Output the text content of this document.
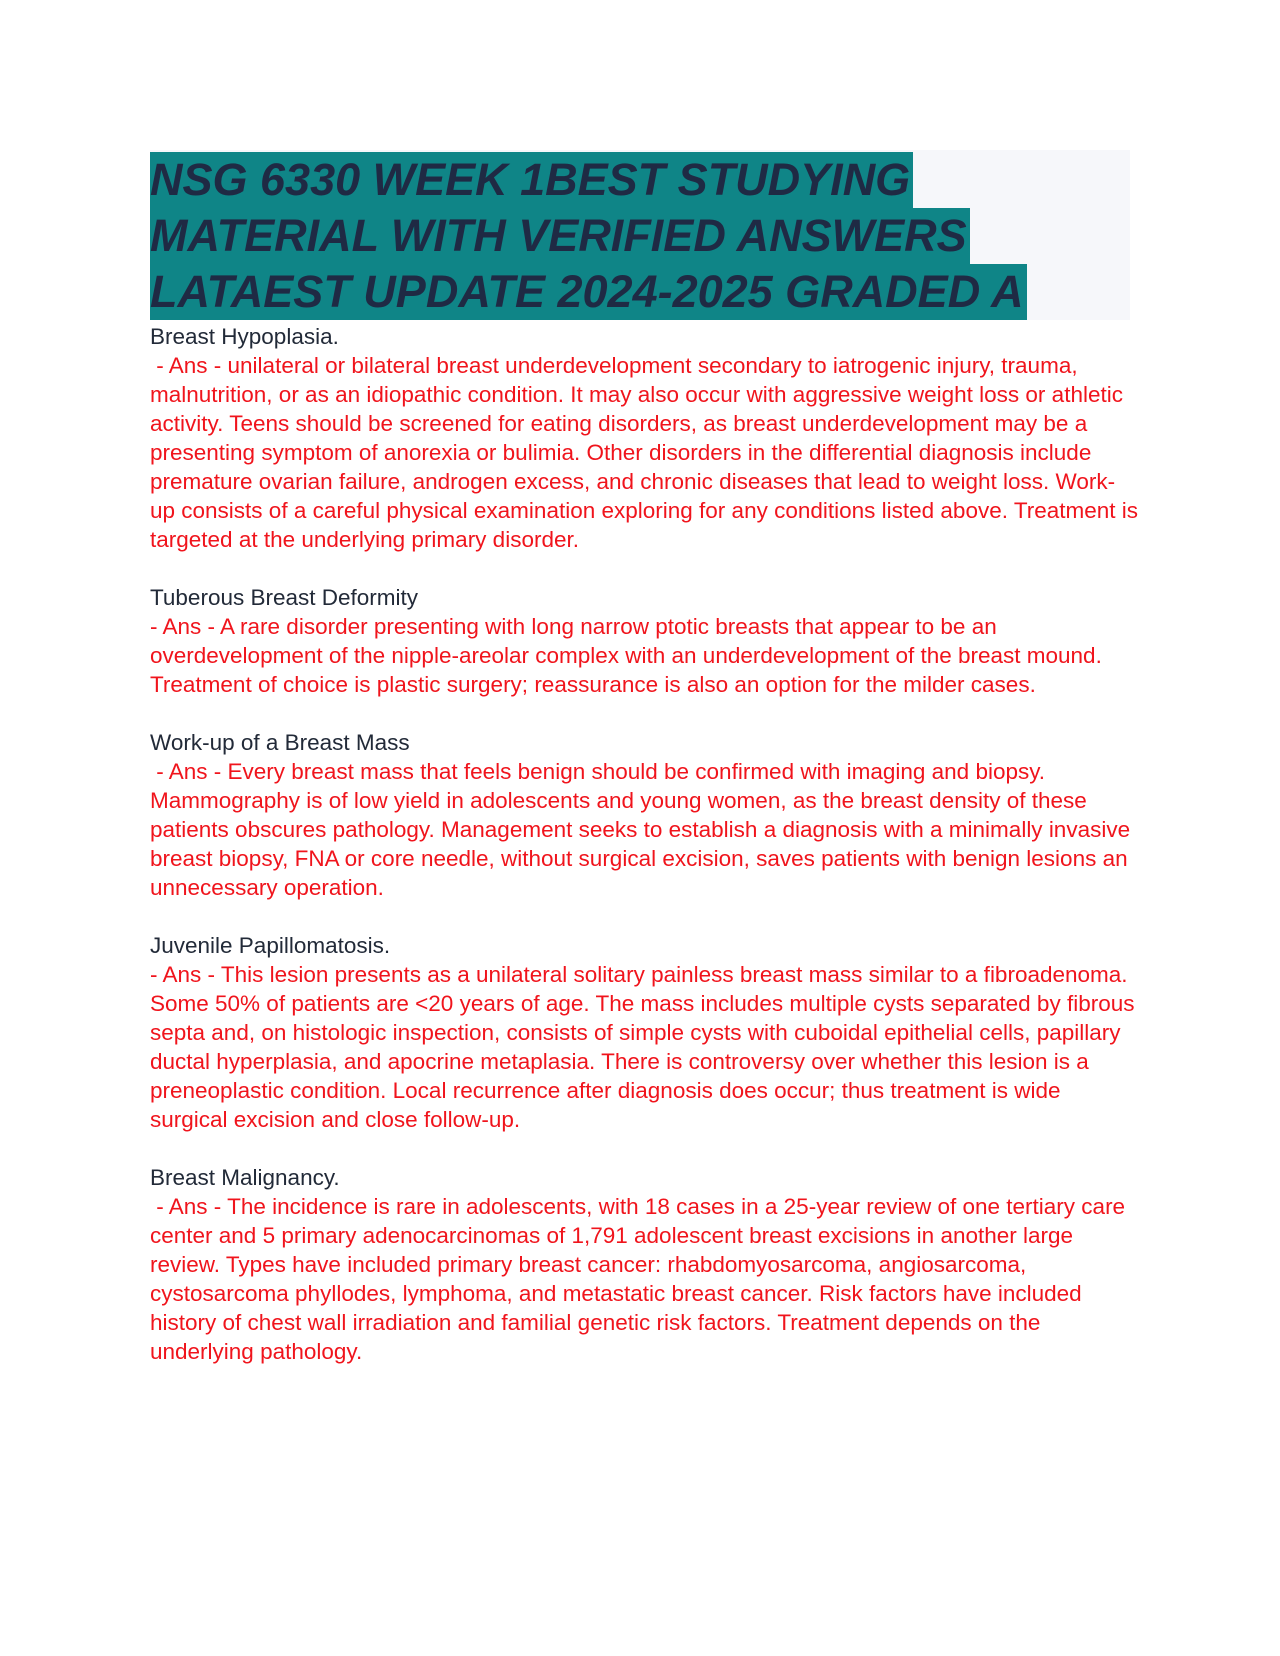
NSG 6330 WEEK 1BEST STUDYING
MATERIAL WITH VERIFIED ANSWERS
LATAEST UPDATE 2024-2025 GRADED A
Breast Hypoplasia.
- Ans - unilateral or bilateral breast underdevelopment secondary to iatrogenic injury, trauma, malnutrition, or as an idiopathic condition. It may also occur with aggressive weight loss or athletic activity. Teens should be screened for eating disorders, as breast underdevelopment may be a presenting symptom of anorexia or bulimia. Other disorders in the differential diagnosis include premature ovarian failure, androgen excess, and chronic diseases that lead to weight loss. Work-up consists of a careful physical examination exploring for any conditions listed above. Treatment is targeted at the underlying primary disorder.
Tuberous Breast Deformity
- Ans - A rare disorder presenting with long narrow ptotic breasts that appear to be an overdevelopment of the nipple-areolar complex with an underdevelopment of the breast mound. Treatment of choice is plastic surgery; reassurance is also an option for the milder cases.
Work-up of a Breast Mass
- Ans - Every breast mass that feels benign should be confirmed with imaging and biopsy. Mammography is of low yield in adolescents and young women, as the breast density of these patients obscures pathology. Management seeks to establish a diagnosis with a minimally invasive breast biopsy, FNA or core needle, without surgical excision, saves patients with benign lesions an unnecessary operation.
Juvenile Papillomatosis.
- Ans - This lesion presents as a unilateral solitary painless breast mass similar to a fibroadenoma. Some 50% of patients are <20 years of age. The mass includes multiple cysts separated by fibrous septa and, on histologic inspection, consists of simple cysts with cuboidal epithelial cells, papillary ductal hyperplasia, and apocrine metaplasia. There is controversy over whether this lesion is a preneoplastic condition. Local recurrence after diagnosis does occur; thus treatment is wide surgical excision and close follow-up.
Breast Malignancy.
- Ans - The incidence is rare in adolescents, with 18 cases in a 25-year review of one tertiary care center and 5 primary adenocarcinomas of 1,791 adolescent breast excisions in another large review. Types have included primary breast cancer: rhabdomyosarcoma, angiosarcoma, cystosarcoma phyllodes, lymphoma, and metastatic breast cancer. Risk factors have included history of chest wall irradiation and familial genetic risk factors. Treatment depends on the underlying pathology.
